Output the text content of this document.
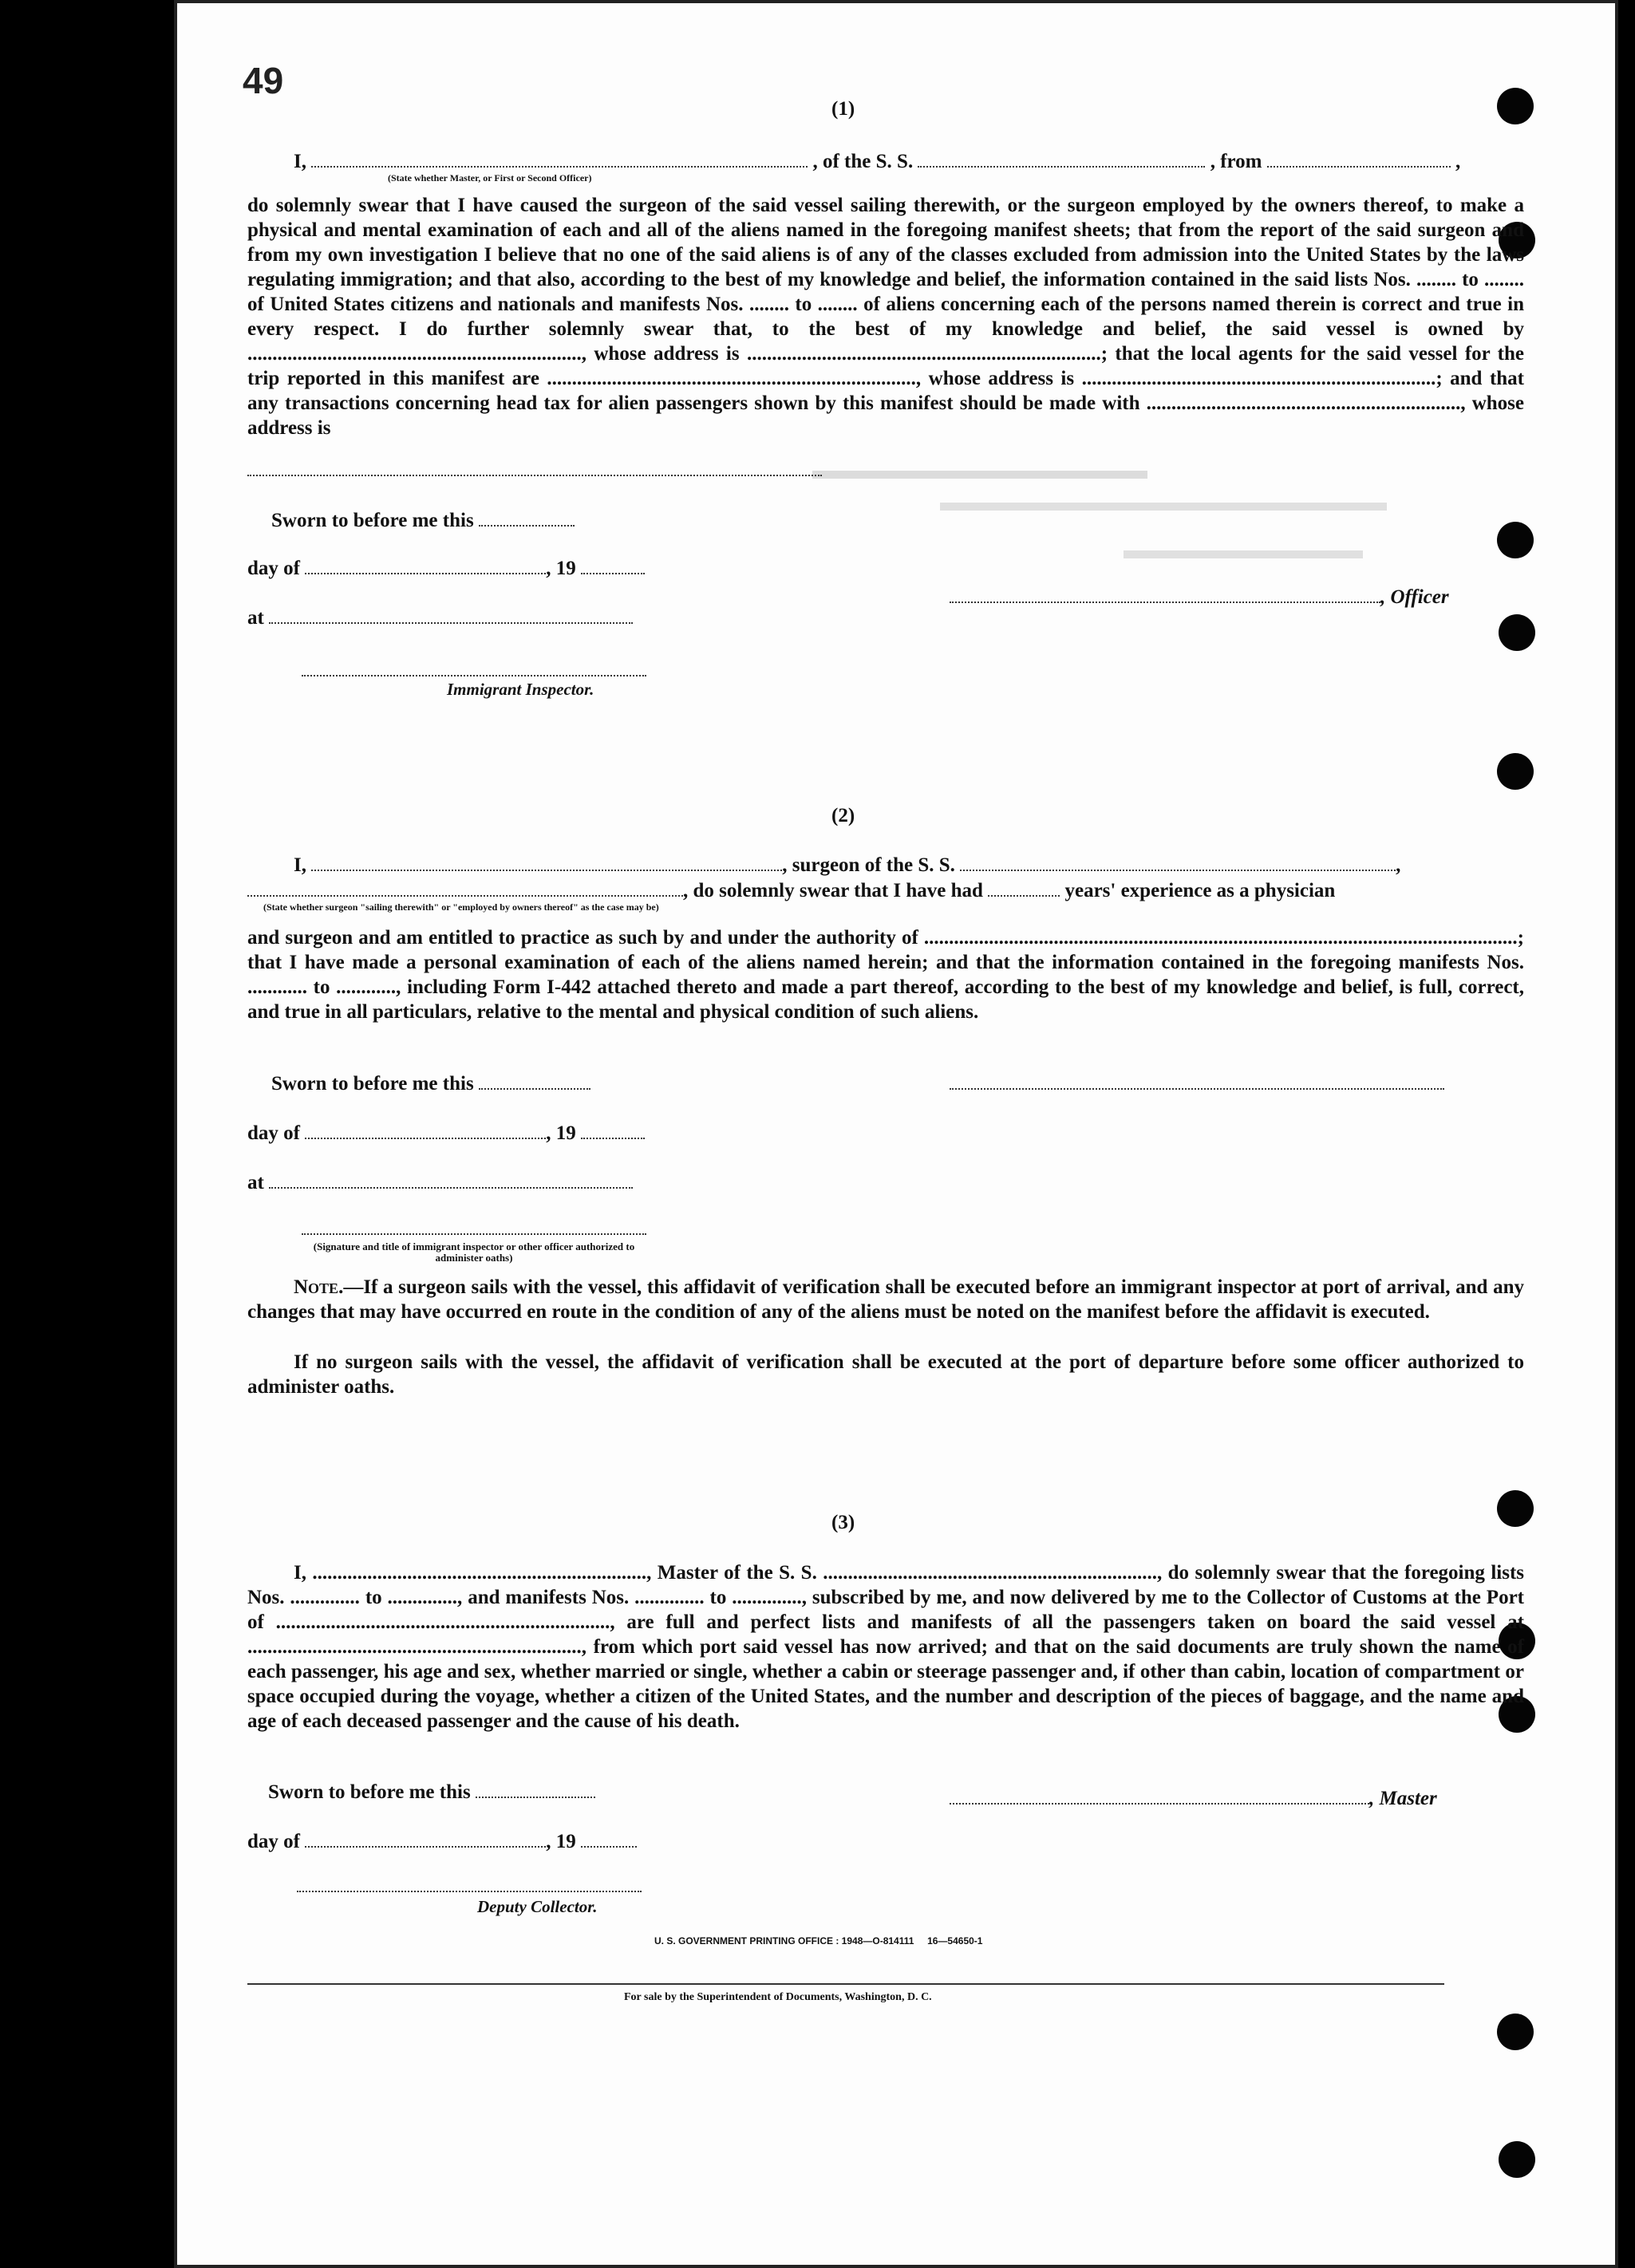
49
(1)
I,	, of the S. S.	, from	,
(State whether Master, or First or Second Officer)
do solemnly swear that I have caused the surgeon of the said vessel sailing therewith, or the surgeon employed by the owners thereof, to make a physical and mental examination of each and all of the aliens named in the foregoing manifest sheets; that from the report of the said surgeon and from my own investigation I believe that no one of the said aliens is of any of the classes excluded from admission into the United States by the laws regulating immigration; and that also, according to the best of my knowledge and belief, the information contained in the said lists Nos. ........ to ........ of United States citizens and nationals and manifests Nos. ........ to ........ of aliens concerning each of the persons named therein is correct and true in every respect. I do further solemnly swear that, to the best of my knowledge and belief, the said vessel is owned by ..................................................................., whose address is .......................................................................; that the local agents for the said vessel for the trip reported in this manifest are .........................................................................., whose address is .......................................................................; and that any transactions concerning head tax for alien passengers shown by this manifest should be made with ..............................................................., whose address is
Sworn to before me this
day of	, 19
at
, Officer
Immigrant Inspector.
(2)
I,	, surgeon of the S. S.	,
, do solemnly swear that I have had	years' experience as a physician
(State whether surgeon "sailing therewith" or "employed by owners thereof" as the case may be)
and surgeon and am entitled to practice as such by and under the authority of .......................................................................................................................; that I have made a personal examination of each of the aliens named herein; and that the information contained in the foregoing manifests Nos. ............ to ............, including Form I-442 attached thereto and made a part thereof, according to the best of my knowledge and belief, is full, correct, and true in all particulars, relative to the mental and physical condition of such aliens.
Sworn to before me this
day of	, 19
at
(Signature and title of immigrant inspector or other officer authorized to administer oaths)
Note.—If a surgeon sails with the vessel, this affidavit of verification shall be executed before an immigrant inspector at port of arrival, and any changes that may have occurred en route in the condition of any of the aliens must be noted on the manifest before the affidavit is executed.
If no surgeon sails with the vessel, the affidavit of verification shall be executed at the port of departure before some officer authorized to administer oaths.
(3)
I, ..................................................................., Master of the S. S. ..................................................................., do solemnly swear that the foregoing lists Nos. .............. to .............., and manifests Nos. .............. to .............., subscribed by me, and now delivered by me to the Collector of Customs at the Port of ..................................................................., are full and perfect lists and manifests of all the passengers taken on board the said vessel at ..................................................................., from which port said vessel has now arrived; and that on the said documents are truly shown the name of each passenger, his age and sex, whether married or single, whether a cabin or steerage passenger and, if other than cabin, location of compartment or space occupied during the voyage, whether a citizen of the United States, and the number and description of the pieces of baggage, and the name and age of each deceased passenger and the cause of his death.
Sworn to before me this	, Master
day of	, 19
Deputy Collector.
U. S. GOVERNMENT PRINTING OFFICE : 1948—O-814111     16—54650-1
For sale by the Superintendent of Documents, Washington, D. C.
